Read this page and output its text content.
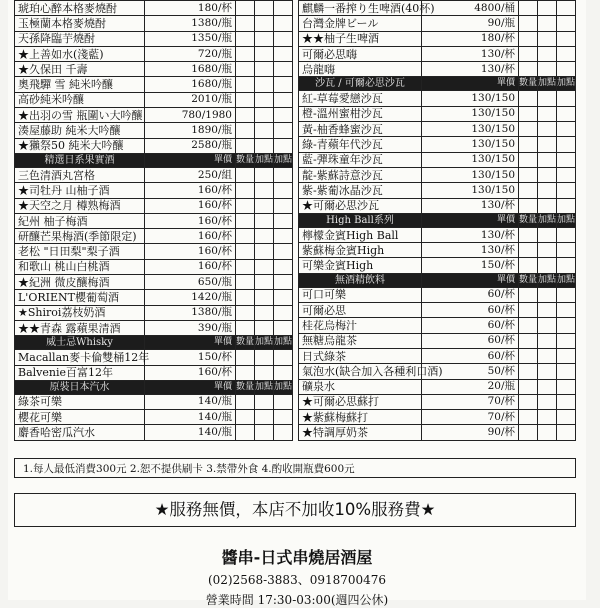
琥珀心醉本格麥燒酎	180/杯			
玉極蘭本格麥燒酎	1380/瓶			
天孫降臨芋燒酎	1350/瓶			
★上善如水(淺藍)	720/瓶			
★久保田 千壽	1680/瓶			
奧飛驒 雪 純米吟釀	1680/瓶			
高砂純米吟釀	2010/瓶			
★出羽の雪 瓶圍い大吟釀	780/1980			
湊屋藤助 純米大吟釀	1890/瓶			
★獺祭50 純米大吟釀	2580/瓶			
精選日系果實酒	單價	數量	加點	加點
三色清酒丸宮格	250/組			
★司牡丹 山柚子酒	160/杯			
★天空之月 樽熟梅酒	160/杯			
紀州 柚子梅酒	160/杯			
研釀芒果梅酒(季節限定)	160/杯			
老松 "日田梨"梨子酒	160/杯			
和歌山 桃山白桃酒	160/杯			
★紀洲 微皮釀梅酒	650/瓶			
L'ORIENT櫻葡萄酒	1420/瓶			
★Shiroi荔枝奶酒	1380/瓶			
★★青森 露蘋果清酒	390/瓶			
威士忌Whisky	單價	數量	加點	加點
Macallan麥卡倫雙桶12年	150/杯			
Balvenie百富12年	160/杯			
原裝日本汽水	單價	數量	加點	加點
綠茶可樂	140/瓶			
櫻花可樂	140/瓶			
麝香哈密瓜汽水	140/瓶			
麒麟一番搾り生啤酒(40杯)	4800/桶			
台灣金牌ビール	90/瓶			
★★柚子生啤酒	180/杯			
可爾必思嗨	130/杯			
烏龍嗨	130/杯			
沙瓦 / 可爾必思沙瓦	單價	數量	加點	加點
紅-草莓愛戀沙瓦	130/150			
橙-溫州蜜柑沙瓦	130/150			
黃-柚香蜂蜜沙瓦	130/150			
綠-青蘋年代沙瓦	130/150			
藍-彈珠童年沙瓦	130/150			
靛-紫蘇詩意沙瓦	130/150			
紫-紫葡冰晶沙瓦	130/150			
★可爾必思沙瓦	130/杯			
High Ball系列	單價	數量	加點	加點
檸檬金賓High Ball	130/杯			
紫蘇梅金賓High	130/杯			
可樂金賓High	150/杯			
無酒精飲料	單價	數量	加點	加點
可口可樂	60/杯			
可爾必思	60/杯			
桂花烏梅汁	60/杯			
無糖烏龍茶	60/杯			
日式綠茶	60/杯			
氣泡水(缺合加入各種利口酒)	50/杯			
礦泉水	20/瓶			
★可爾必思蘇打	70/杯			
★紫蘇梅蘇打	70/杯			
★特調厚奶茶	90/杯			
1.每人最低消費300元 2.恕不提供刷卡 3.禁帶外食 4.酌收開瓶費600元
★服務無價，本店不加收10%服務費★
醬串-日式串燒居酒屋
(02)2568-3883、0918700476
營業時間 17:30-03:00(週四公休)
